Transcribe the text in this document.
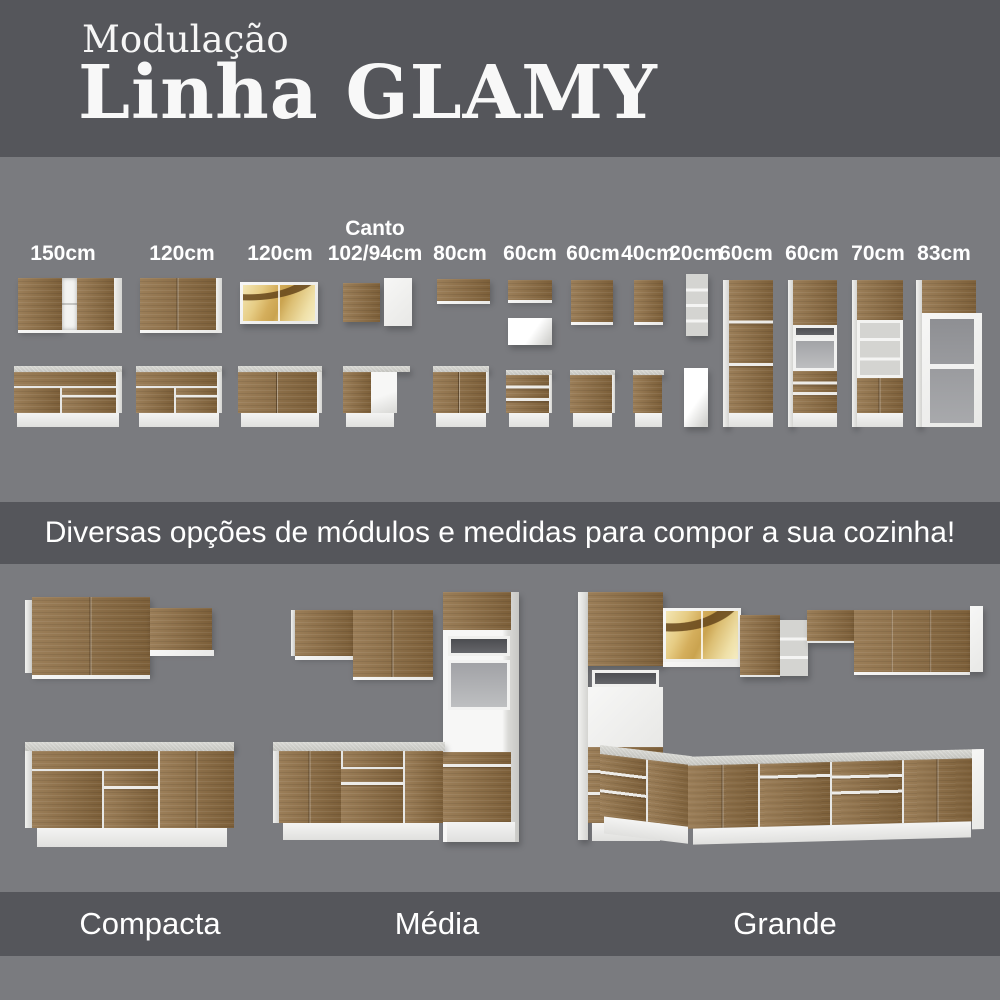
Modulação
Linha GLAMY
150cm	120cm	120cm
Canto
102/94cm 80cm 60cm 60cm 40cm
20cm
60cm 60cm 70cm 83cm
Diversas opções de módulos e medidas para compor a sua cozinha!
Compacta	Média	Grande
